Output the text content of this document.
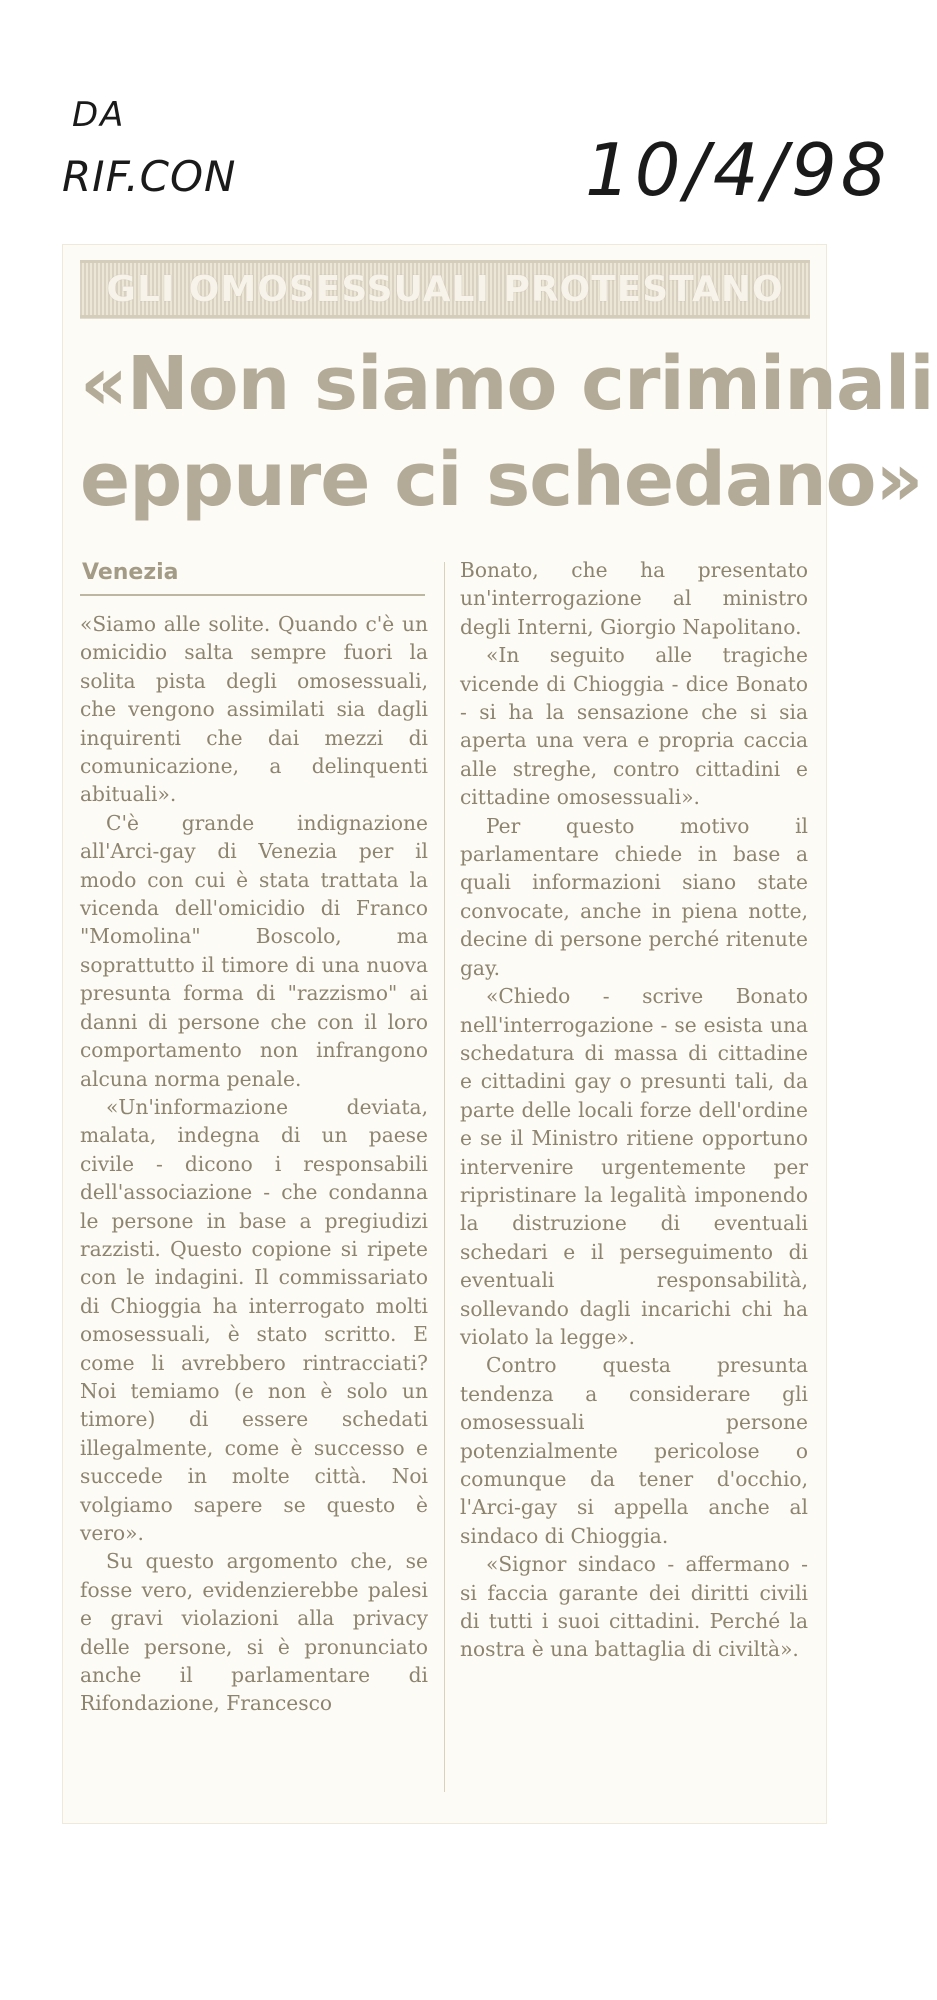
DA
RIF.CON	10/4/98
GLI OMOSESSUALI PROTESTANO
«Non siamo criminali
eppure ci schedano»
Venezia

«Siamo alle solite. Quando c'è un omicidio salta sempre fuori la solita pista degli omosessuali, che vengono assimilati sia dagli inquirenti che dai mezzi di comunicazione, a delinquenti abituali».

C'è grande indignazione all'Arci-gay di Venezia per il modo con cui è stata trattata la vicenda dell'omicidio di Franco "Momolina" Boscolo, ma soprattutto il timore di una nuova presunta forma di "razzismo" ai danni di persone che con il loro comportamento non infrangono alcuna norma penale.

«Un'informazione deviata, malata, indegna di un paese civile - dicono i responsabili dell'associazione - che condanna le persone in base a pregiudizi razzisti. Questo copione si ripete con le indagini. Il commissariato di Chioggia ha interrogato molti omosessuali, è stato scritto. E come li avrebbero rintracciati? Noi temiamo (e non è solo un timore) di essere schedati illegalmente, come è successo e succede in molte città. Noi volgiamo sapere se questo è vero».

Su questo argomento che, se fosse vero, evidenzierebbe palesi e gravi violazioni alla privacy delle persone, si è pronunciato anche il parlamentare di Rifondazione, Francesco

Bonato, che ha presentato un'interrogazione al ministro degli Interni, Giorgio Napolitano.

«In seguito alle tragiche vicende di Chioggia - dice Bonato - si ha la sensazione che si sia aperta una vera e propria caccia alle streghe, contro cittadini e cittadine omosessuali».

Per questo motivo il parlamentare chiede in base a quali informazioni siano state convocate, anche in piena notte, decine di persone perché ritenute gay.

«Chiedo - scrive Bonato nell'interrogazione - se esista una schedatura di massa di cittadine e cittadini gay o presunti tali, da parte delle locali forze dell'ordine e se il Ministro ritiene opportuno intervenire urgentemente per ripristinare la legalità imponendo la distruzione di eventuali schedari e il perseguimento di eventuali responsabilità, sollevando dagli incarichi chi ha violato la legge».

Contro questa presunta tendenza a considerare gli omosessuali persone potenzialmente pericolose o comunque da tener d'occhio, l'Arci-gay si appella anche al sindaco di Chioggia.

«Signor sindaco - affermano - si faccia garante dei diritti civili di tutti i suoi cittadini. Perché la nostra è una battaglia di civiltà».
